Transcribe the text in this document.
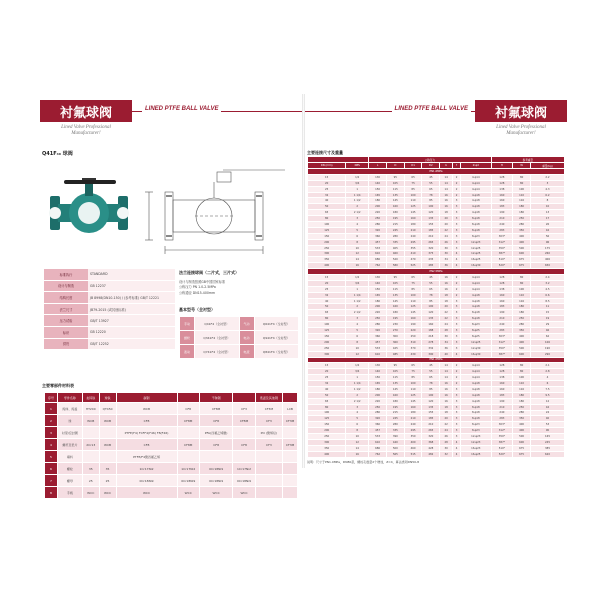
衬氟球阀	LINED PTFE BALL VALVE
Lined Valve Professional
Manufacturer!
Q41F₄₆ 球阀
标准执行	STANDARD
设计与制造	GB 12237
结构长度	JB 8998(DN10-150) / (参考标准) GB/T 12221
法兰尺寸	JB79-2015 (或其他标准)
压力试验	GB/T 13927
标识	GB 12220
供货	GB/T 12252
法兰连接球阀（二片式，三片式）
设计与制造按照GB中国国家标准
公称压力 PN 1.0-2.5MPa
公称通径 DN15-400mm
基本型号（全衬型）
手动	Q41F4（全衬型）	气动	Q641F4（全衬型）
蜗轮	Q341F4（全衬型）	电动	Q941F4（全衬型）
液动	Q741F4（全衬型）	电液	Q841F4（全衬型）
主要零部件材料表
序号	零件名称	灰铸铁	球铁	碳钢		不锈钢		低温及其他钢	
1	阀体、阀盖	HT200	QT450	WCB	CF8	CF8M	CF3	CF3M	LCB
2	球	WCB	WCB	CF8	CF8M	CF8	CF8M	CF3	CF3M
3	衬里/密封圈			PTFE(F4) FCFF4(F46) F8(F46)		PFA(四氟乙烯醚)		PO (聚烯烃)	
4	螺杆及垫片	2Cr13	WCB	CF8	CF8M	CF8	CF8	CF3	CF3M
5	填料			PTFE/F4聚四氟乙烯					
6	螺栓	35	35	1Cr17Ni2	1Cr17Ni2	0Cr18Ni9	1Cr17Ni2		
7	螺母	25	25	0Cr18Ni9	0Cr18Ni9	0Cr18Ni9	0Cr18Ni9		
8	手柄	WCC	WCC	WCC	WCC	WCC	WCC		
衬氟球阀
LINED PTFE BALL VALVE
Lined Valve Professional
Manufacturer!
主要连接尺寸及重量
		公称压力							参考重量		
DN (mm)	NPS	L	D	D1	D2	b	f	Z-φd	H	W	重量(kg)
PN1.6MPa											
15	1/2	130	95	65	45	14	2	4-φ14	128	80	2.2
20	3/4	140	105	75	55	14	2	4-φ14	128	80	3
25	1	150	115	85	65	14	2	4-φ14	138	100	4.3
32	1 1/4	165	135	100	78	16	2	4-φ18	160	110	6.2
40	1 1/2	180	145	110	85	16	3	4-φ18	160	116	8
50	2	200	160	125	100	16	3	4-φ18	183	180	10
65	2 1/2	220	180	145	120	18	3	4-φ18	190	180	13
80	3	250	195	160	135	20	3	8-φ18	210	250	17
100	4	280	215	180	155	20	3	8-φ18	240	280	26
125	5	320	245	210	185	22	3	8-φ18	283	350	42
150	6	360	280	240	210	24	3	8-φ23	303*	400	56
200	8	457	335	295	265	26	3	12-φ23	312*	400	96
250	10	533	405	355	320	30	3	12-φ25	350*	500	175
300	12	610	460	410	375	30	4	12-φ25	387*	600	260
350	14	686	520	470	435	34	4	16-φ25	510*	675	406
400	16	762	580	525	485	36	4	16-φ30	520*	675	650
PN2.5MPa											
15	1/2	130	95	65	45	16	2	4-φ14	128	80	2.4
20	3/4	140	105	75	55	16	2	4-φ14	128	80	3.2
25	1	150	115	85	65	16	2	4-φ14	138	100	4.5
32	1 1/4	165	135	100	78	18	2	4-φ18	160	110	6.6
40	1 1/2	180	145	110	85	18	3	4-φ18	160	116	8.5
50	2	200	160	125	100	20	3	4-φ18	183	180	11
65	2 1/2	220	180	145	120	22	3	8-φ18	190	180	15
80	3	250	195	160	135	22	3	8-φ18	210	250	19
100	4	280	230	190	160	24	3	8-φ23	240	280	29
125	5	320	270	220	188	28	3	8-φ25	283	350	46
150	6	360	300	250	218	30	3	8-φ25	303*	400	62
200	8	457	360	310	278	34	3	12-φ25	312*	400	106
250	10	533	425	370	332	36	3	12-φ30	350*	500	190
300	12	610	485	430	390	40	4	16-φ30	387*	600	290
PN1.0MPa											
15	1/2	130	95	65	45	14	2	4-φ14	128	80	2.1
20	3/4	140	105	75	55	14	2	4-φ14	128	80	2.8
25	1	150	115	85	65	14	2	4-φ14	138	100	4
32	1 1/4	165	135	100	78	16	2	4-φ18	160	110	6
40	1 1/2	180	145	110	85	16	3	4-φ18	160	116	7.5
50	2	200	160	125	100	16	3	4-φ18	183	180	9.5
65	2 1/2	220	180	145	120	16	3	4-φ18	190	180	12
80	3	250	195	160	135	18	3	8-φ18	210	250	16
100	4	280	215	180	155	18	3	8-φ18	240	280	24
125	5	320	245	210	185	20	3	8-φ18	283	350	40
150	6	360	280	240	210	22	3	8-φ23	303*	400	53
200	8	457	335	295	265	24	3	8-φ23	312*	400	90
250	10	533	390	350	320	26	3	12-φ23	350*	500	165
300	12	610	440	400	368	28	4	12-φ23	387*	600	245
350	14	686	500	460	428	30	4	16-φ23	510*	675	385
400	16	762	565	515	482	32	4	16-φ25	520*	675	620
说明：尺寸于PN1.0MPa，DN80起，螺栓孔数量2个增加，Z=4，算法类同DN50-8
